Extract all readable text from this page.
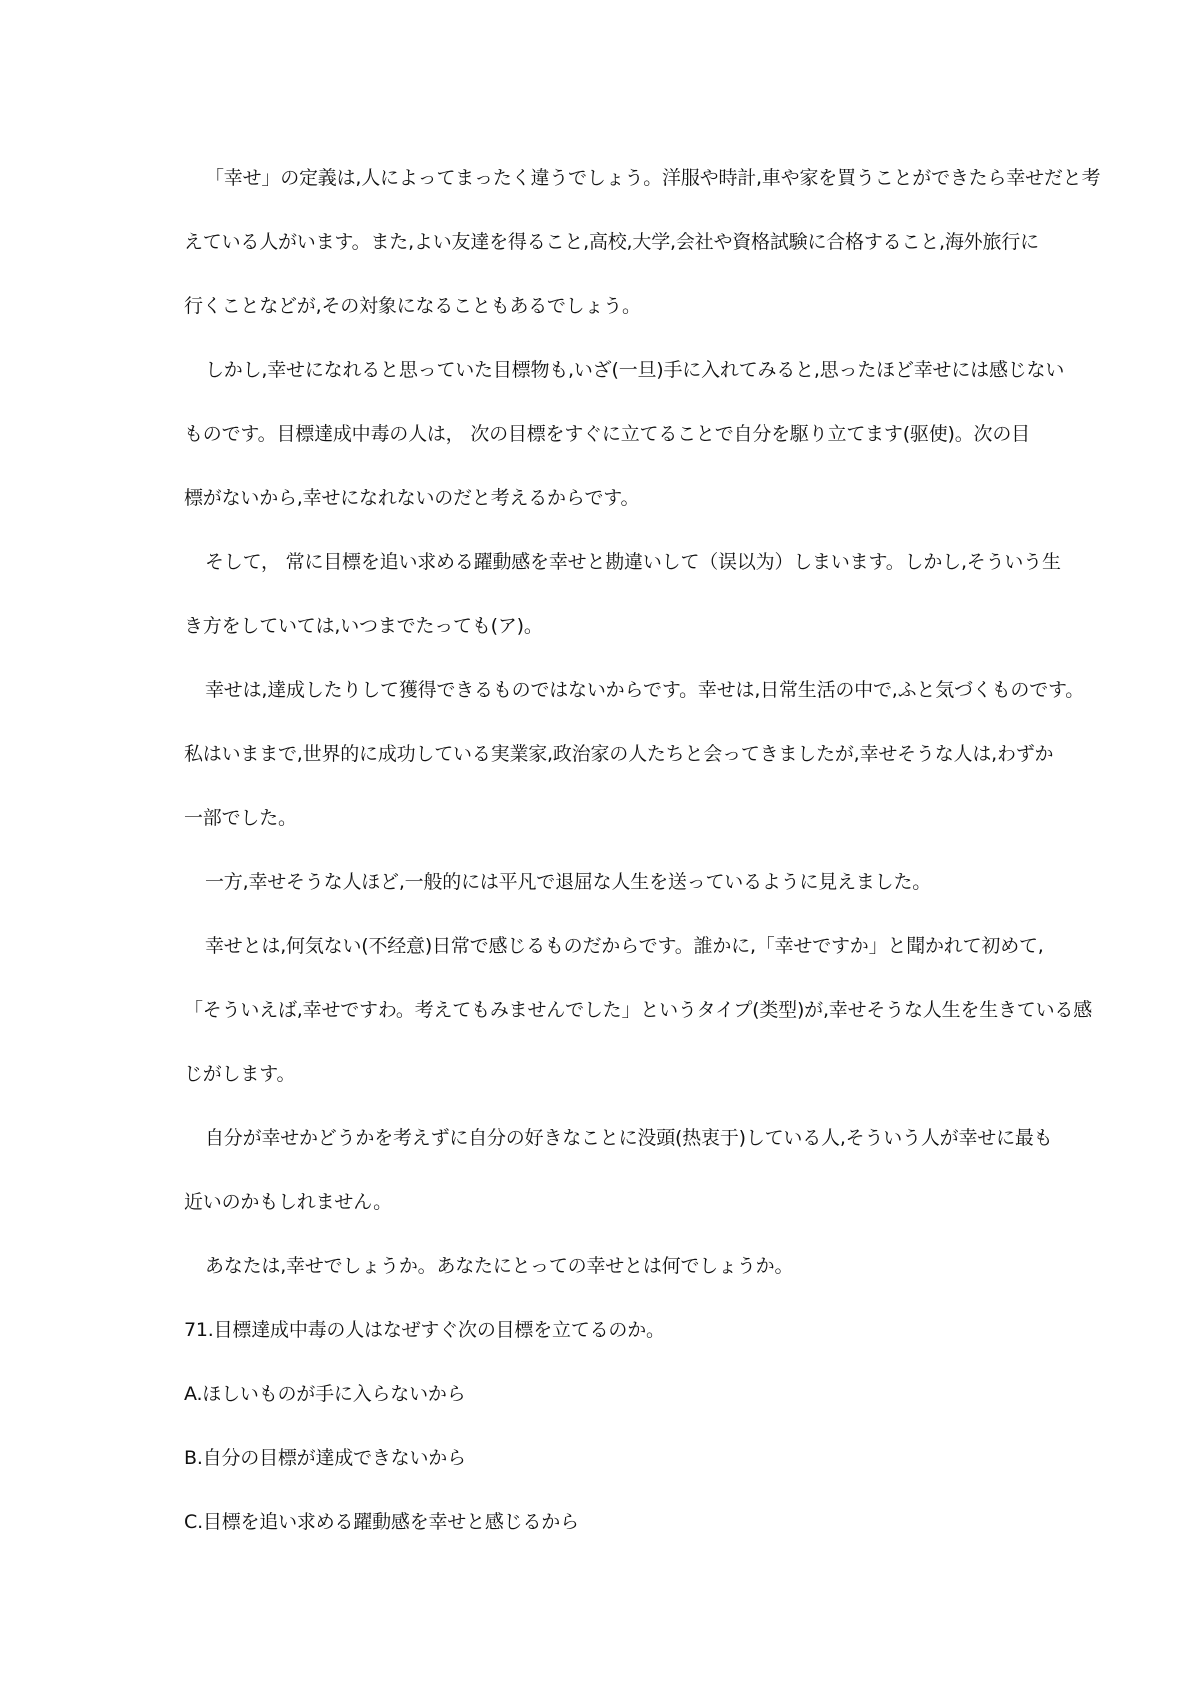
「幸せ」の定義は,人によってまったく違うでしょう。洋服や時計,車や家を買うことができたら幸せだと考
えている人がいます。また,よい友達を得ること,高校,大学,会社や資格試験に合格すること,海外旅行に
行くことなどが,その対象になることもあるでしょう。
しかし,幸せになれると思っていた目標物も,いざ(一旦)手に入れてみると,思ったほど幸せには感じない
ものです。目標達成中毒の人は， 次の目標をすぐに立てることで自分を駆り立てます(驱使)。次の目
標がないから,幸せになれないのだと考えるからです。
そして， 常に目標を追い求める躍動感を幸せと勘違いして（误以为）しまいます。しかし,そういう生
き方をしていては,いつまでたっても(ア)。
幸せは,達成したりして獲得できるものではないからです。幸せは,日常生活の中で,ふと気づくものです。
私はいままで,世界的に成功している実業家,政治家の人たちと会ってきましたが,幸せそうな人は,わずか
一部でした。
一方,幸せそうな人ほど,一般的には平凡で退屈な人生を送っているように見えました。
幸せとは,何気ない(不经意)日常で感じるものだからです。誰かに,「幸せですか」と聞かれて初めて,
「そういえば,幸せですわ。考えてもみませんでした」というタイプ(类型)が,幸せそうな人生を生きている感
じがします。
自分が幸せかどうかを考えずに自分の好きなことに没頭(热衷于)している人,そういう人が幸せに最も
近いのかもしれません。
あなたは,幸せでしょうか。あなたにとっての幸せとは何でしょうか。
71.目標達成中毒の人はなぜすぐ次の目標を立てるのか。
A.ほしいものが手に入らないから
B.自分の目標が達成できないから
C.目標を追い求める躍動感を幸せと感じるから
